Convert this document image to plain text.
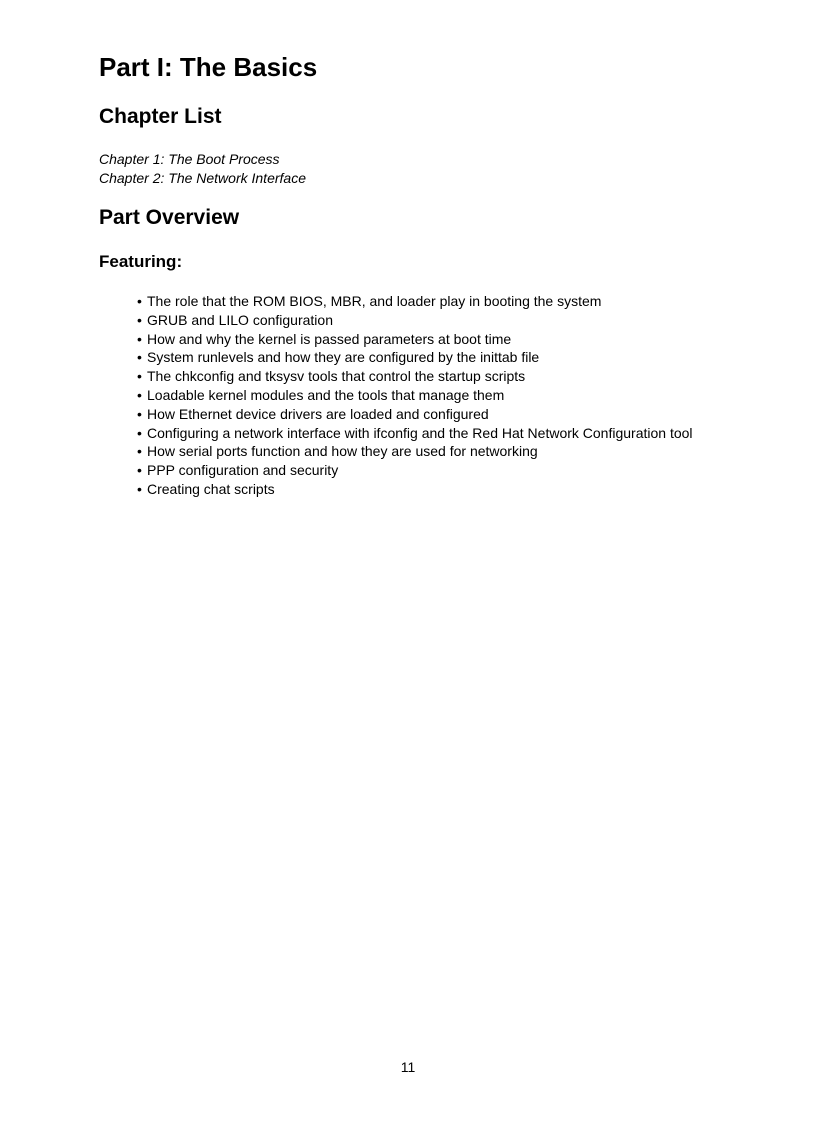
Part I: The Basics
Chapter List
Chapter 1: The Boot Process
Chapter 2: The Network Interface
Part Overview
Featuring:
• The role that the ROM BIOS, MBR, and loader play in booting the system
• GRUB and LILO configuration
• How and why the kernel is passed parameters at boot time
• System runlevels and how they are configured by the inittab file
• The chkconfig and tksysv tools that control the startup scripts
• Loadable kernel modules and the tools that manage them
• How Ethernet device drivers are loaded and configured
• Configuring a network interface with ifconfig and the Red Hat Network Configuration tool
• How serial ports function and how they are used for networking
• PPP configuration and security
• Creating chat scripts
11
